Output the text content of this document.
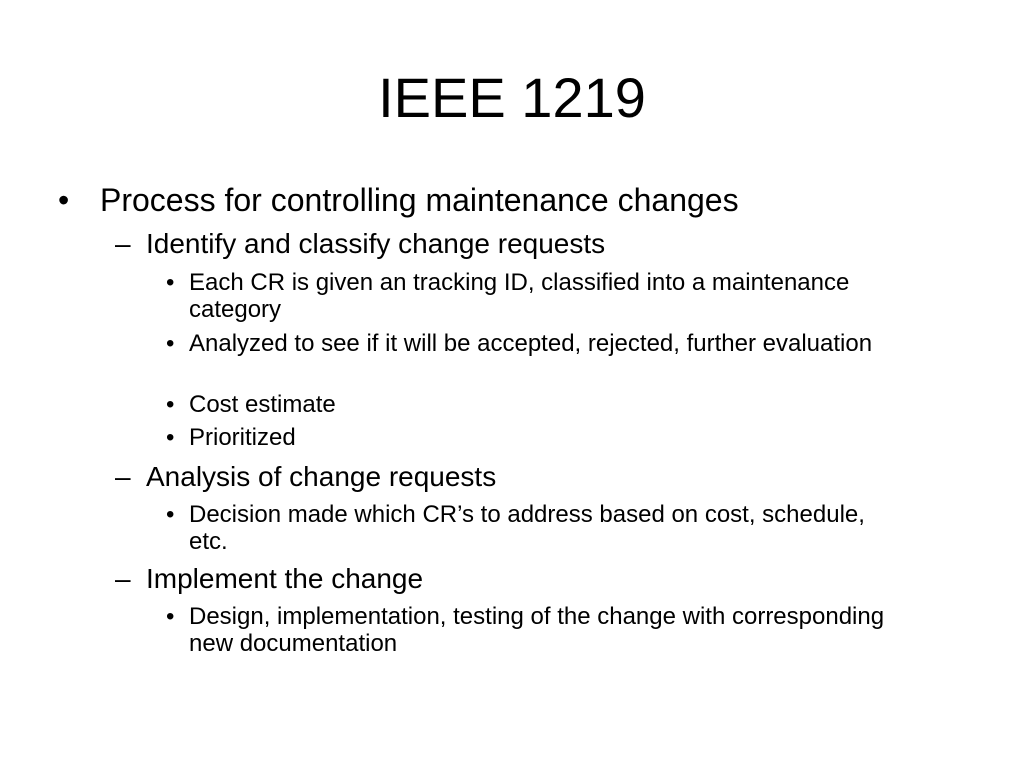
IEEE 1219
• Process for controlling maintenance changes
– Identify and classify change requests
• Each CR is given an tracking ID, classified into a maintenance category
• Analyzed to see if it will be accepted, rejected, further evaluation
• Cost estimate
• Prioritized
– Analysis of change requests
• Decision made which CR’s to address based on cost, schedule, etc.
– Implement the change
• Design, implementation, testing of the change with corresponding new documentation
